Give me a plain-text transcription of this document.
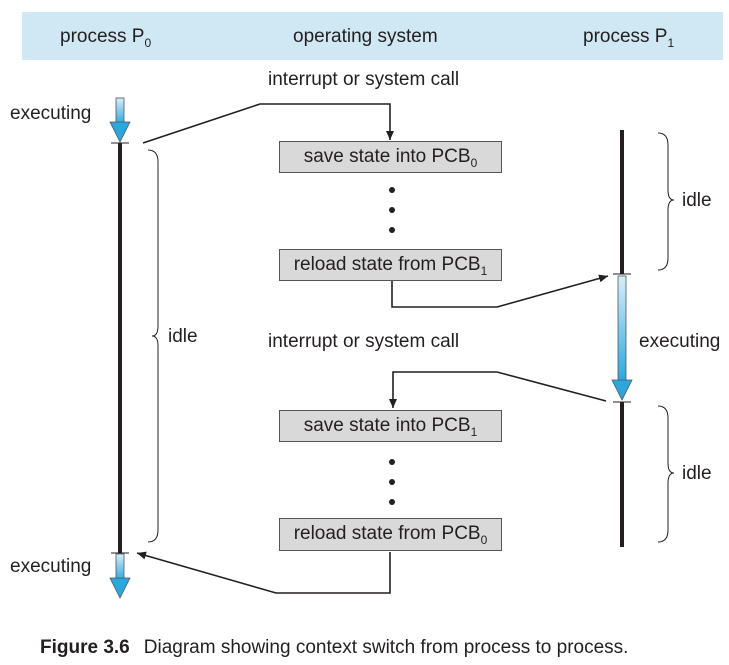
process $P_0$	operating system	process $P_1$
interrupt or system call
interrupt or system call
executing
executing
executing
idle
idle
idle
save state into $PCB_0$
reload state from $PCB_1$
save state into $PCB_1$
reload state from $PCB_0$
Figure 3.6 Diagram showing context switch from process to process.
